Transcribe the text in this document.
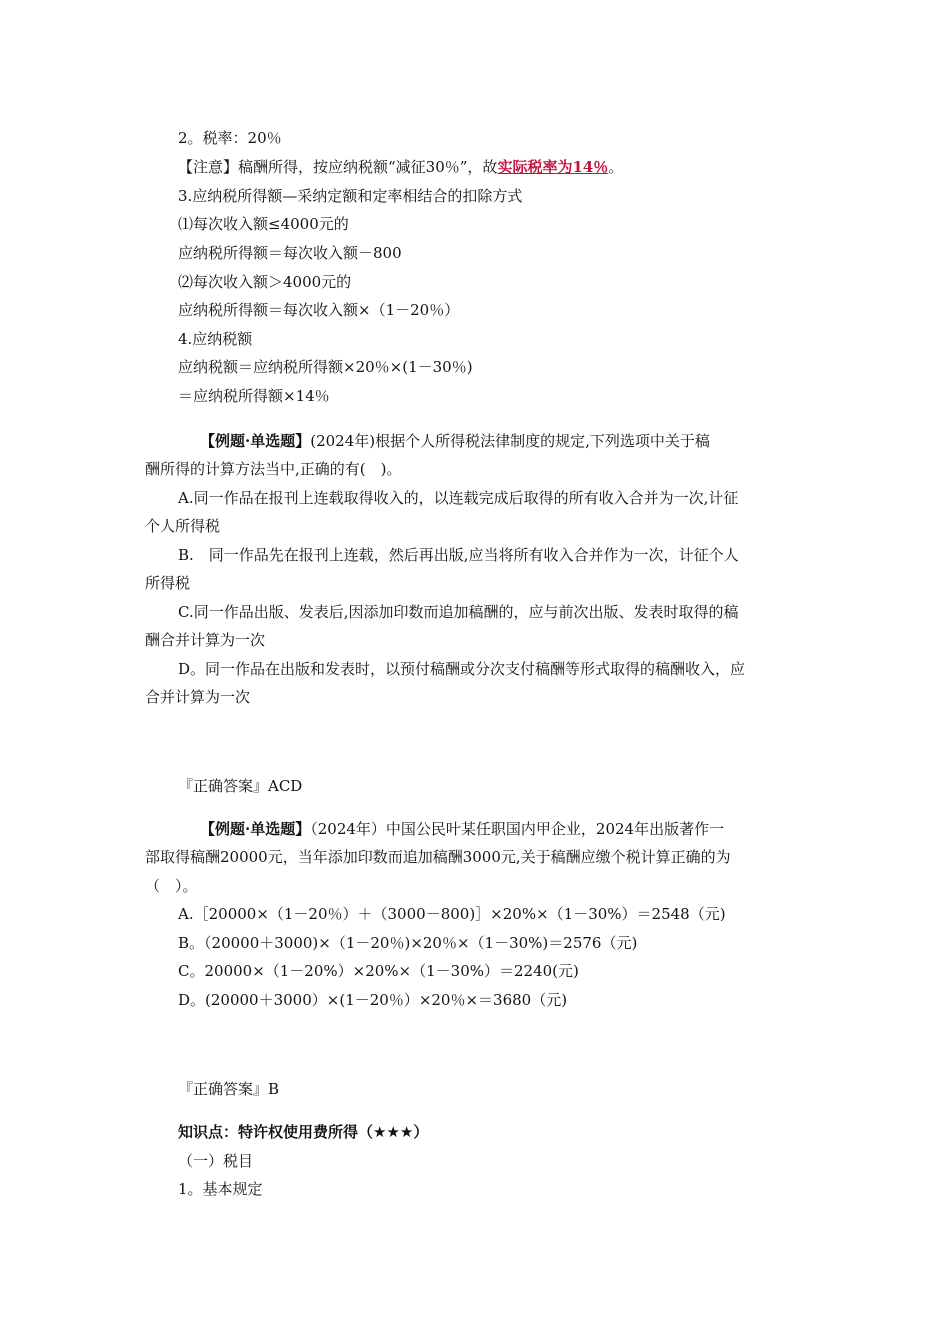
2。税率：20％
【注意】稿酬所得，按应纳税额“减征30％”，故实际税率为14％。
3.应纳税所得额—采纳定额和定率相结合的扣除方式
⑴每次收入额≤4000元的
应纳税所得额＝每次收入额－800
⑵每次收入额＞4000元的
应纳税所得额＝每次收入额×（1－20％）
4.应纳税额
应纳税额＝应纳税所得额×20％×(1－30％)
＝应纳税所得额×14％
【例题·单选题】(2024年)根据个人所得税法律制度的规定,下列选项中关于稿
酬所得的计算方法当中,正确的有(　)。
A.同一作品在报刊上连载取得收入的，以连载完成后取得的所有收入合并为一次,计征
个人所得税
B.　同一作品先在报刊上连载，然后再出版,应当将所有收入合并作为一次，计征个人
所得税
C.同一作品出版、发表后,因添加印数而追加稿酬的，应与前次出版、发表时取得的稿
酬合并计算为一次
D。同一作品在出版和发表时，以预付稿酬或分次支付稿酬等形式取得的稿酬收入，应
合并计算为一次
『正确答案』ACD
【例题·单选题】（2024年）中国公民叶某任职国内甲企业，2024年出版著作一
部取得稿酬20000元，当年添加印数而追加稿酬3000元,关于稿酬应缴个税计算正确的为
（　）。
A.［20000×（1－20％）＋（3000－800)］×20%×（1－30%）＝2548（元)
B。（20000＋3000)×（1－20％)×20％×（1－30%)＝2576（元)
C。20000×（1－20%）×20%×（1－30%）＝2240(元)
D。(20000＋3000）×(1－20％）×20％×＝3680（元)
『正确答案』B
知识点：特许权使用费所得（★★★）
（一）税目
1。基本规定
